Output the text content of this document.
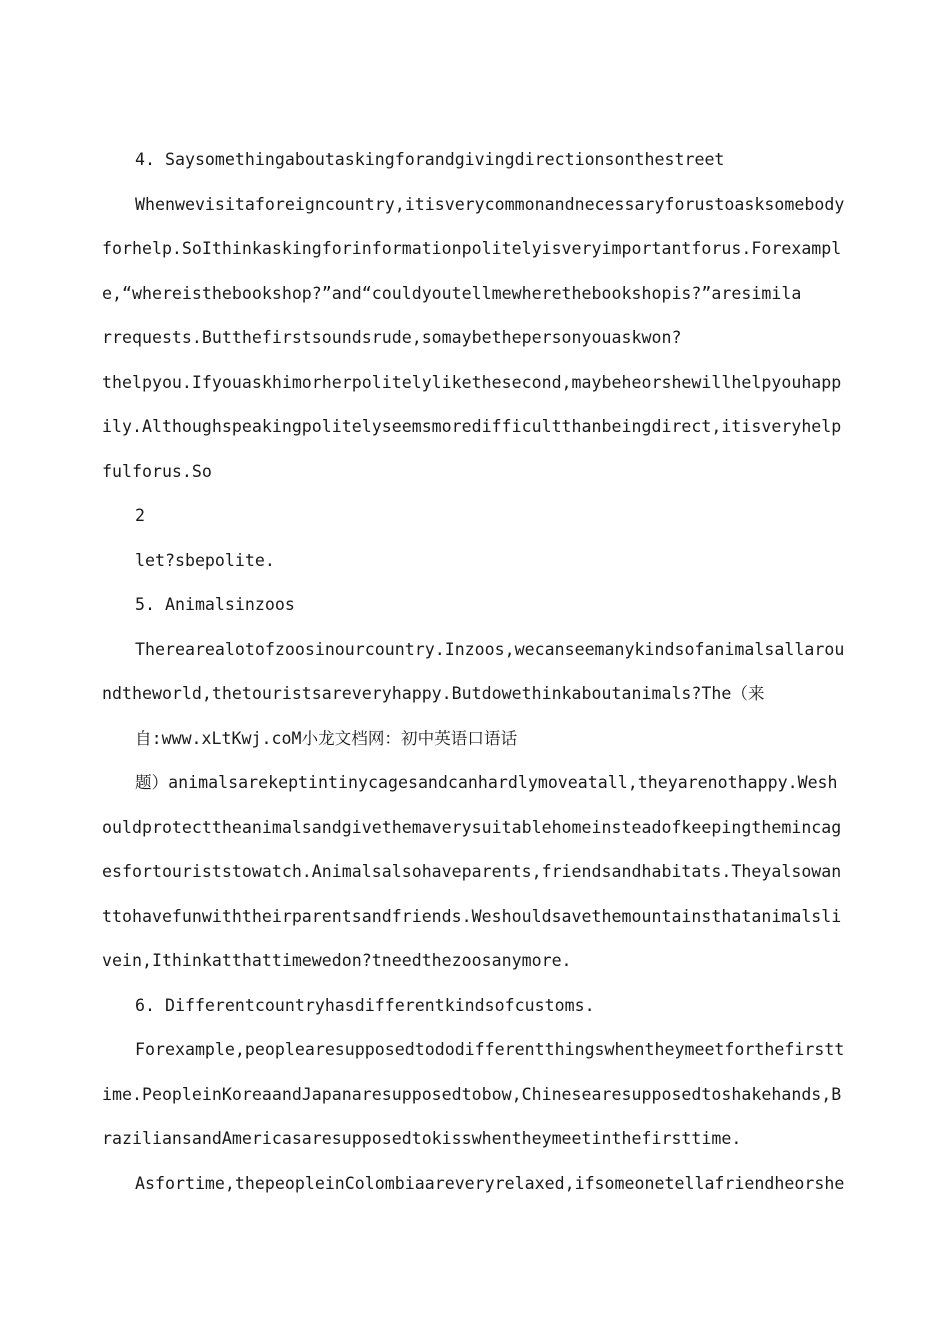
4. Saysomethingaboutaskingforandgivingdirectionsonthestreet
Whenwevisitaforeigncountry,itisverycommonandnecessaryforustoasksomebody
forhelp.SoIthinkaskingforinformationpolitelyisveryimportantforus.Forexampl
e,“whereisthebookshop?”and“couldyoutellmewherethebookshopis?”aresimila
rrequests.Butthefirstsoundsrude,somaybethepersonyouaskwon?
thelpyou.Ifyouaskhimorherpolitelylikethesecond,maybeheorshewillhelpyouhapp
ily.Althoughspeakingpolitelyseemsmoredifficultthanbeingdirect,itisveryhelp
fulforus.So
2
let?sbepolite.
5. Animalsinzoos
Therearealotofzoosinourcountry.Inzoos,wecanseemanykindsofanimalsallarou
ndtheworld,thetouristsareveryhappy.Butdowethinkaboutanimals?The（来
自:www.xLtKwj.coM小龙文档网：初中英语口语话
题）animalsarekeptintinycagesandcanhardlymoveatall,theyarenothappy.Wesh
ouldprotecttheanimalsandgivethemaverysuitablehomeinsteadofkeepingthemincag
esfortouriststowatch.Animalsalsohaveparents,friendsandhabitats.Theyalsowan
ttohavefunwiththeirparentsandfriends.Weshouldsavethemountainsthatanimalsli
vein,Ithinkatthattimewedon?tneedthezoosanymore.
6. Differentcountryhasdifferentkindsofcustoms.
Forexample,peoplearesupposedtododifferentthingswhentheymeetforthefirstt
ime.PeopleinKoreaandJapanaresupposedtobow,Chinesearesupposedtoshakehands,B
raziliansandAmericasaresupposedtokisswhentheymeetinthefirsttime.
Asfortime,thepeopleinColombiaareveryrelaxed,ifsomeonetellafriendheorshe
